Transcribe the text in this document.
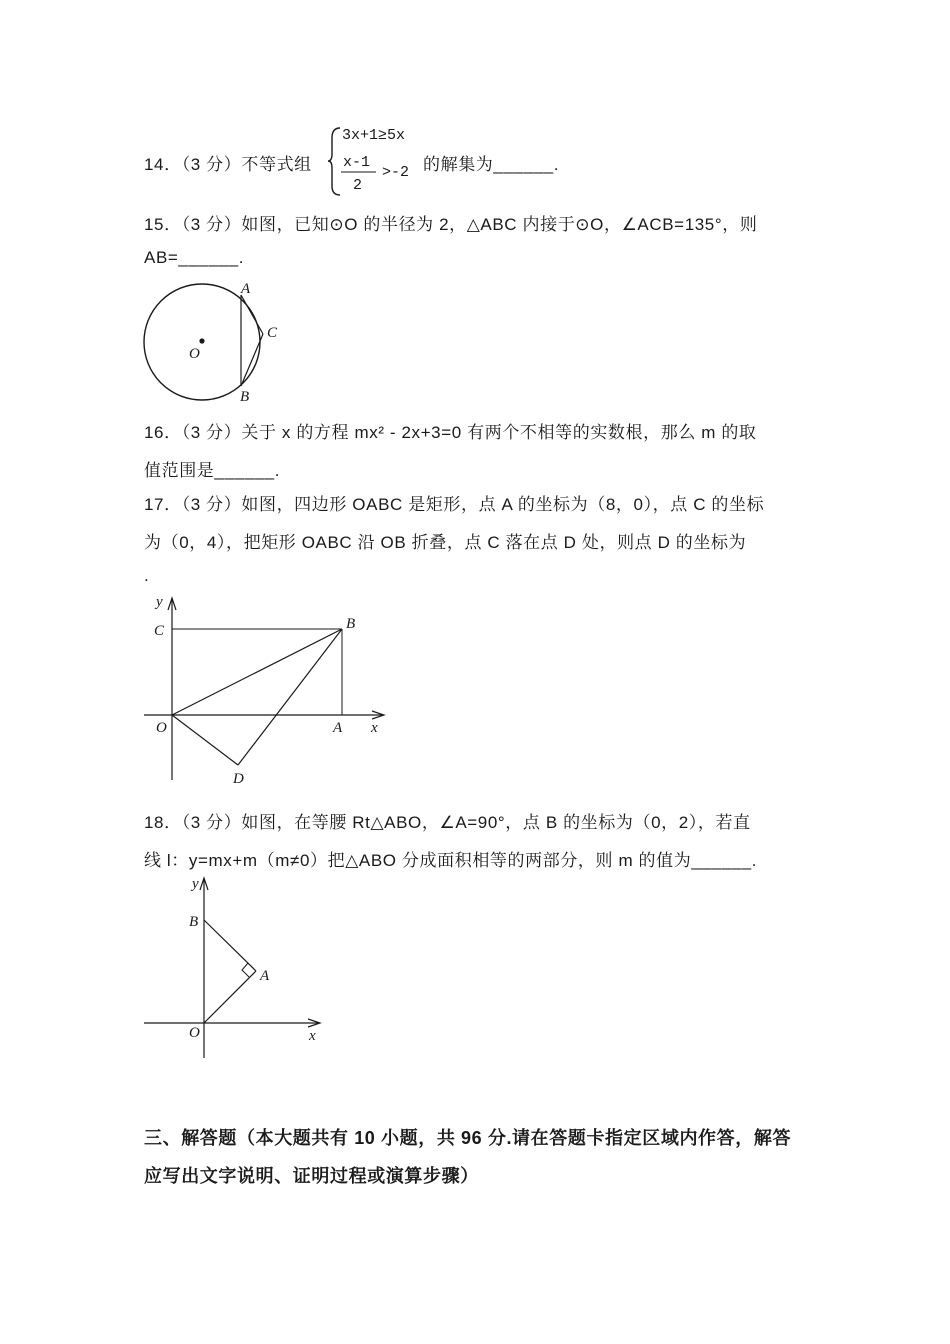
14．（3 分）不等式组
3x+1≥5x
x-1
2
>-2 的解集为______.
15．（3 分）如图，已知⊙O 的半径为 2，△ABC 内接于⊙O，∠ACB=135°，则
AB=______.
A
B
C
O
16．（3 分）关于 x 的方程 mx² - 2x+3=0 有两个不相等的实数根，那么 m 的取
值范围是______.
17．（3 分）如图，四边形 OABC 是矩形，点 A 的坐标为（8，0），点 C 的坐标
为（0，4），把矩形 OABC 沿 OB 折叠，点 C 落在点 D 处，则点 D 的坐标为
.
y
C	B
O	A x
D
18．（3 分）如图，在等腰 Rt△ABO，∠A=90°，点 B 的坐标为（0，2），若直
线 l：y=mx+m（m≠0）把△ABO 分成面积相等的两部分，则 m 的值为______.
y
B
A
O	x
三、解答题（本大题共有 10 小题，共 96 分.请在答题卡指定区域内作答，解答
应写出文字说明、证明过程或演算步骤）
